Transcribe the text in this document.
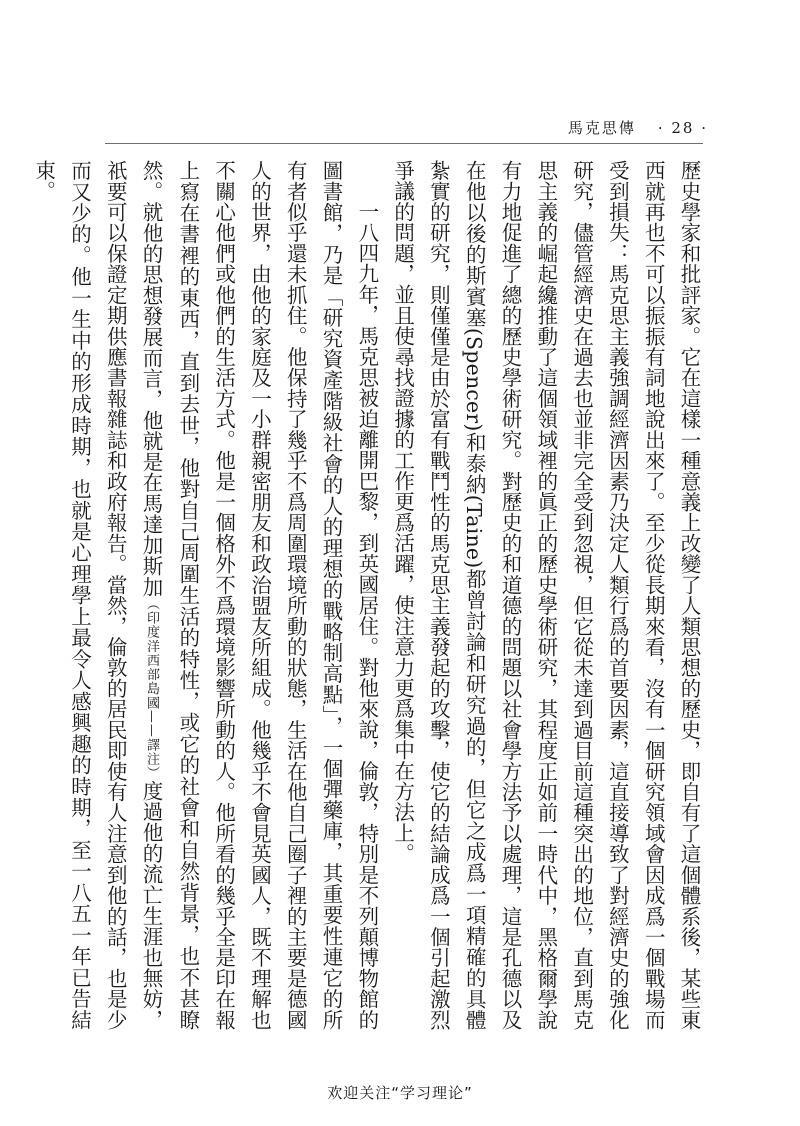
馬克思傳 · 28 ·

歷史學家和批評家。它在這樣一種意義上改變了人類思想的歷史，即自有了這個體系後，某些東西就再也不可以振振有詞地說出來了。至少從長期來看，沒有一個研究領域會因成爲一個戰場而受到損失：馬克思主義強調經濟因素乃決定人類行爲的首要因素，這直接導致了對經濟史的強化研究，儘管經濟史在過去也並非完全受到忽視，但它從未達到過目前這種突出的地位，直到馬克思主義的崛起纔推動了這個領域裡的眞正的歷史學術研究，其程度正如前一時代中，黑格爾學說有力地促進了總的歷史學術研究。對歷史的和道德的問題以社會學方法予以處理，這是孔德以及在他以後的斯賓塞(Spencer)和泰納(Taine)都曾討論和研究過的，但它之成爲一項精確的具體紮實的研究，則僅僅是由於富有戰鬥性的馬克思主義發起的攻擊，使它的結論成爲一個引起激烈爭議的問題，並且使尋找證據的工作更爲活躍，使注意力更爲集中在方法上。

一八四九年，馬克思被迫離開巴黎，到英國居住。對他來說，倫敦，特別是不列顛博物館的圖書館，乃是「研究資產階級社會的人的理想的戰略制高點」，一個彈藥庫，其重要性連它的所有者似乎還未抓住。他保持了幾乎不爲周圍環境所動的狀態，生活在他自己圈子裡的主要是德國人的世界，由他的家庭及一小群親密朋友和政治盟友所組成。他幾乎不會見英國人，既不理解也不關心他們或他們的生活方式。他是一個格外不爲環境影響所動的人。他所看的幾乎全是印在報上寫在書裡的東西，直到去世，他對自己周圍生活的特性，或它的社會和自然背景，也不甚瞭然。就他的思想發展而言，他就是在馬達加斯加（印度洋西部島國——譯注）度過他的流亡生涯也無妨，祇要可以保證定期供應書報雜誌和政府報告。當然，倫敦的居民即使有人注意到他的話，也是少而又少的。他一生中的形成時期，也就是心理學上最令人感興趣的時期，至一八五一年已告結束。

欢迎关注“学习理论”
